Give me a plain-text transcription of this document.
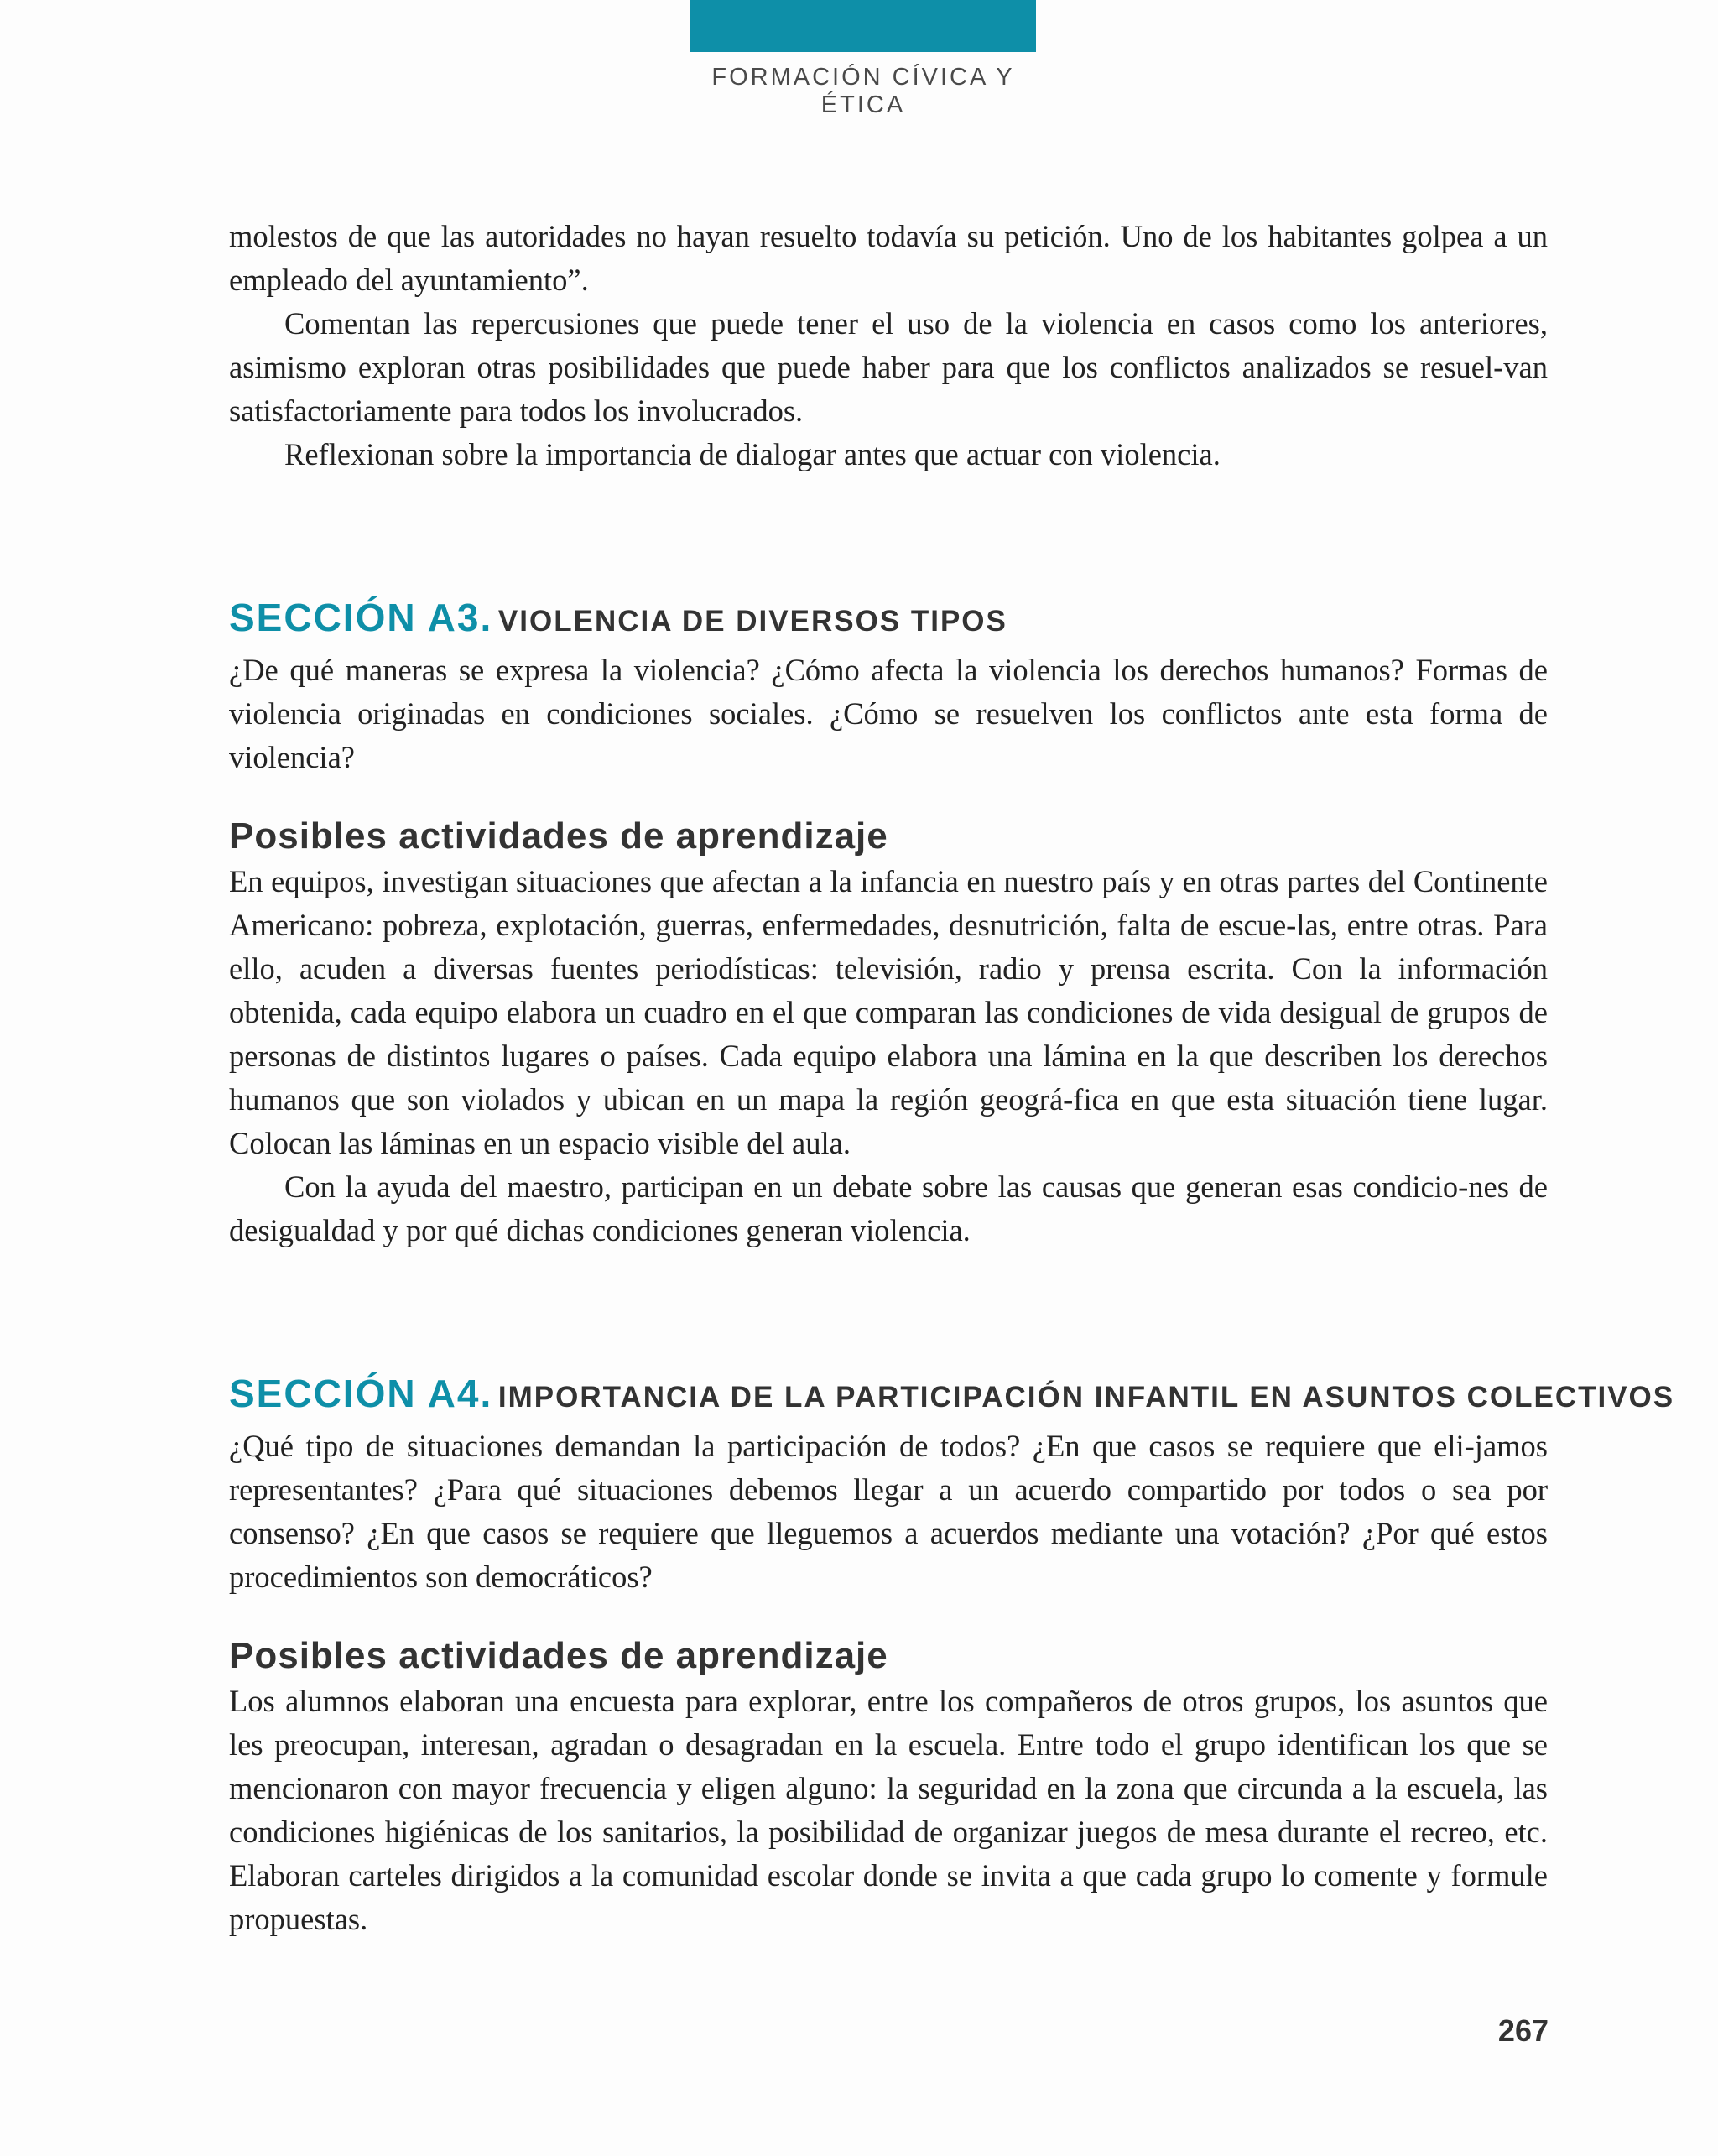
FORMACIÓN CÍVICA Y ÉTICA

molestos de que las autoridades no hayan resuelto todavía su petición. Uno de los habitantes golpea a un empleado del ayuntamiento”.

Comentan las repercusiones que puede tener el uso de la violencia en casos como los anteriores, asimismo exploran otras posibilidades que puede haber para que los conflictos analizados se resuel-van satisfactoriamente para todos los involucrados.

Reflexionan sobre la importancia de dialogar antes que actuar con violencia.

SECCIÓN A3. VIOLENCIA DE DIVERSOS TIPOS

¿De qué maneras se expresa la violencia? ¿Cómo afecta la violencia los derechos humanos? Formas de violencia originadas en condiciones sociales. ¿Cómo se resuelven los conflictos ante esta forma de violencia?

Posibles actividades de aprendizaje

En equipos, investigan situaciones que afectan a la infancia en nuestro país y en otras partes del Continente Americano: pobreza, explotación, guerras, enfermedades, desnutrición, falta de escue-las, entre otras. Para ello, acuden a diversas fuentes periodísticas: televisión, radio y prensa escrita. Con la información obtenida, cada equipo elabora un cuadro en el que comparan las condiciones de vida desigual de grupos de personas de distintos lugares o países. Cada equipo elabora una lámina en la que describen los derechos humanos que son violados y ubican en un mapa la región geográ-fica en que esta situación tiene lugar. Colocan las láminas en un espacio visible del aula.

Con la ayuda del maestro, participan en un debate sobre las causas que generan esas condicio-nes de desigualdad y por qué dichas condiciones generan violencia.

SECCIÓN A4. IMPORTANCIA DE LA PARTICIPACIÓN INFANTIL EN ASUNTOS COLECTIVOS

¿Qué tipo de situaciones demandan la participación de todos? ¿En que casos se requiere que eli-jamos representantes? ¿Para qué situaciones debemos llegar a un acuerdo compartido por todos o sea por consenso? ¿En que casos se requiere que lleguemos a acuerdos mediante una votación? ¿Por qué estos procedimientos son democráticos?

Posibles actividades de aprendizaje

Los alumnos elaboran una encuesta para explorar, entre los compañeros de otros grupos, los asuntos que les preocupan, interesan, agradan o desagradan en la escuela. Entre todo el grupo identifican los que se mencionaron con mayor frecuencia y eligen alguno: la seguridad en la zona que circunda a la escuela, las condiciones higiénicas de los sanitarios, la posibilidad de organizar juegos de mesa durante el recreo, etc. Elaboran carteles dirigidos a la comunidad escolar donde se invita a que cada grupo lo comente y formule propuestas.

267
